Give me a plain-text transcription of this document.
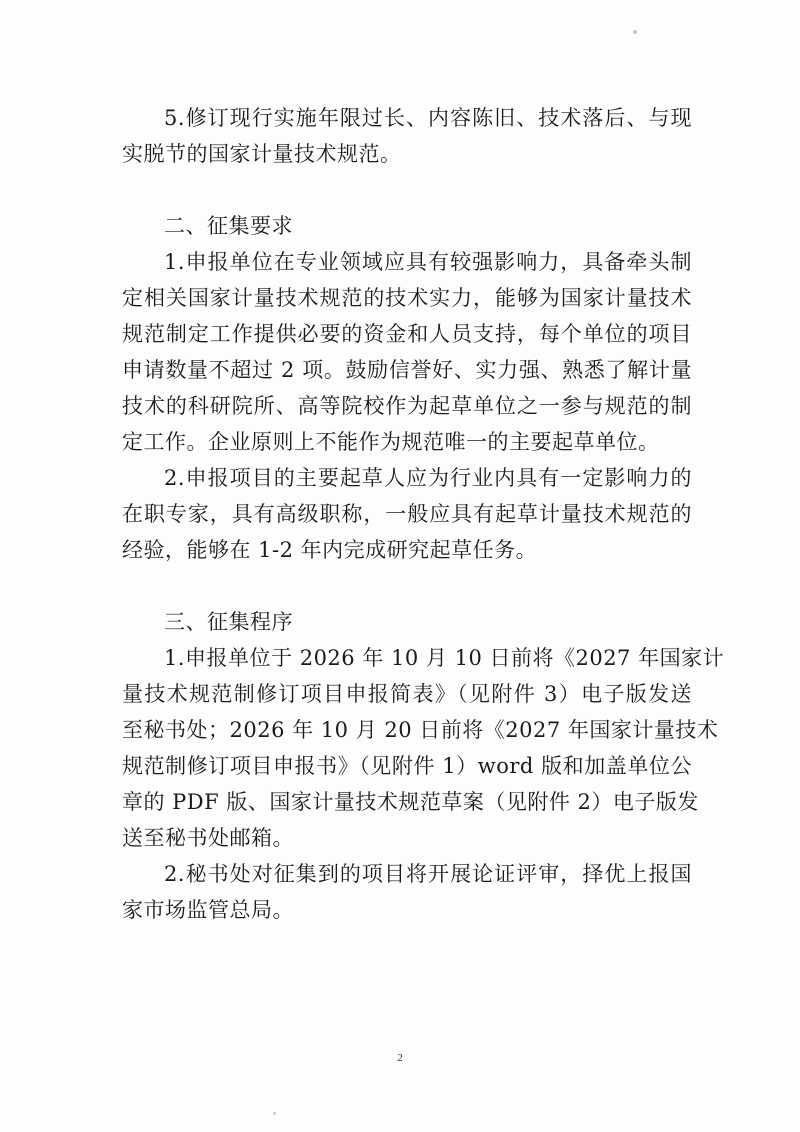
5.修订现行实施年限过长、内容陈旧、技术落后、与现
实脱节的国家计量技术规范。
二、征集要求
1.申报单位在专业领域应具有较强影响力，具备牵头制
定相关国家计量技术规范的技术实力，能够为国家计量技术
规范制定工作提供必要的资金和人员支持，每个单位的项目
申请数量不超过 2 项。鼓励信誉好、实力强、熟悉了解计量
技术的科研院所、高等院校作为起草单位之一参与规范的制
定工作。企业原则上不能作为规范唯一的主要起草单位。
2.申报项目的主要起草人应为行业内具有一定影响力的
在职专家，具有高级职称，一般应具有起草计量技术规范的
经验，能够在 1-2 年内完成研究起草任务。
三、征集程序
1.申报单位于 2026 年 10 月 10 日前将《2027 年国家计
量技术规范制修订项目申报简表》（见附件 3）电子版发送
至秘书处；2026 年 10 月 20 日前将《2027 年国家计量技术
规范制修订项目申报书》（见附件 1）word 版和加盖单位公
章的 PDF 版、国家计量技术规范草案（见附件 2）电子版发
送至秘书处邮箱。
2.秘书处对征集到的项目将开展论证评审，择优上报国
家市场监管总局。
2
